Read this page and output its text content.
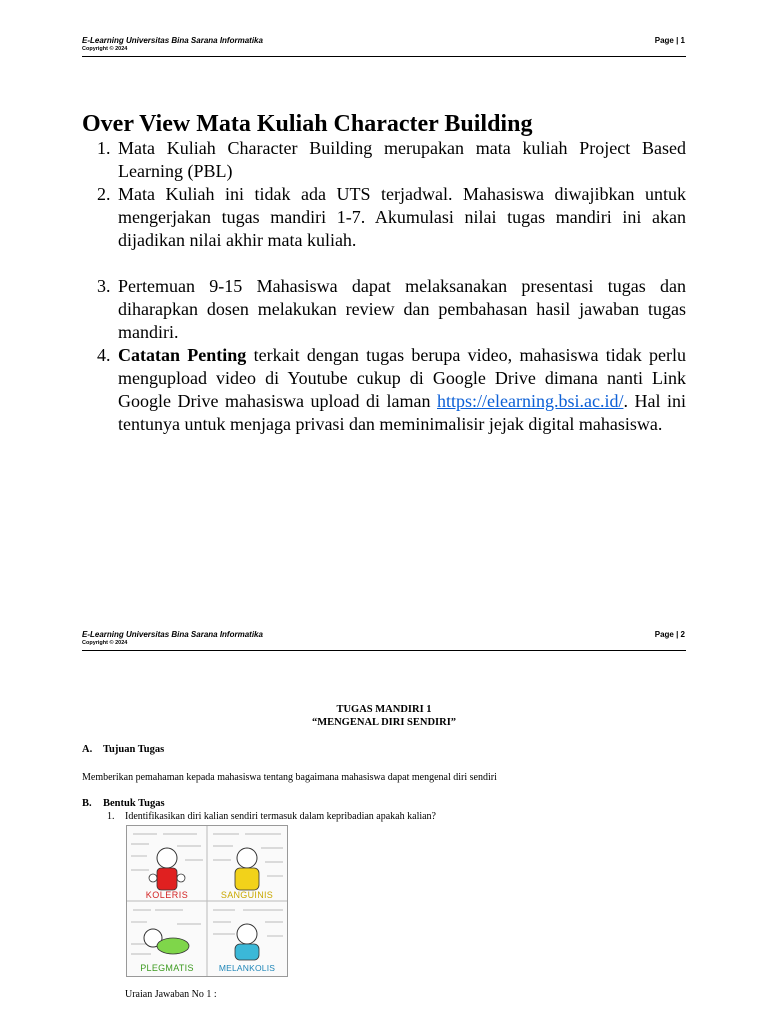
E-Learning Universitas Bina Sarana Informatika
Copyright © 2024
Page | 1
Over View Mata Kuliah Character Building
1. Mata Kuliah Character Building merupakan mata kuliah Project Based Learning (PBL)
2. Mata Kuliah ini tidak ada UTS terjadwal. Mahasiswa diwajibkan untuk mengerjakan tugas mandiri 1-7. Akumulasi nilai tugas mandiri ini akan dijadikan nilai akhir mata kuliah.
3. Pertemuan 9-15 Mahasiswa dapat melaksanakan presentasi tugas dan diharapkan dosen melakukan review dan pembahasan hasil jawaban tugas mandiri.
4. Catatan Penting terkait dengan tugas berupa video, mahasiswa tidak perlu mengupload video di Youtube cukup di Google Drive dimana nanti Link Google Drive mahasiswa upload di laman https://elearning.bsi.ac.id/. Hal ini tentunya untuk menjaga privasi dan meminimalisir jejak digital mahasiswa.
E-Learning Universitas Bina Sarana Informatika
Copyright © 2024
Page | 2
TUGAS MANDIRI 1
“MENGENAL DIRI SENDIRI”
A. Tujuan Tugas
Memberikan pemahaman kepada mahasiswa tentang bagaimana mahasiswa dapat mengenal diri sendiri
B. Bentuk Tugas
1. Identifikasikan diri kalian sendiri termasuk dalam kepribadian apakah kalian?
KOLERIS	SANGUINIS
PLEGMATIS	MELANKOLIS
Uraian Jawaban No 1 :
